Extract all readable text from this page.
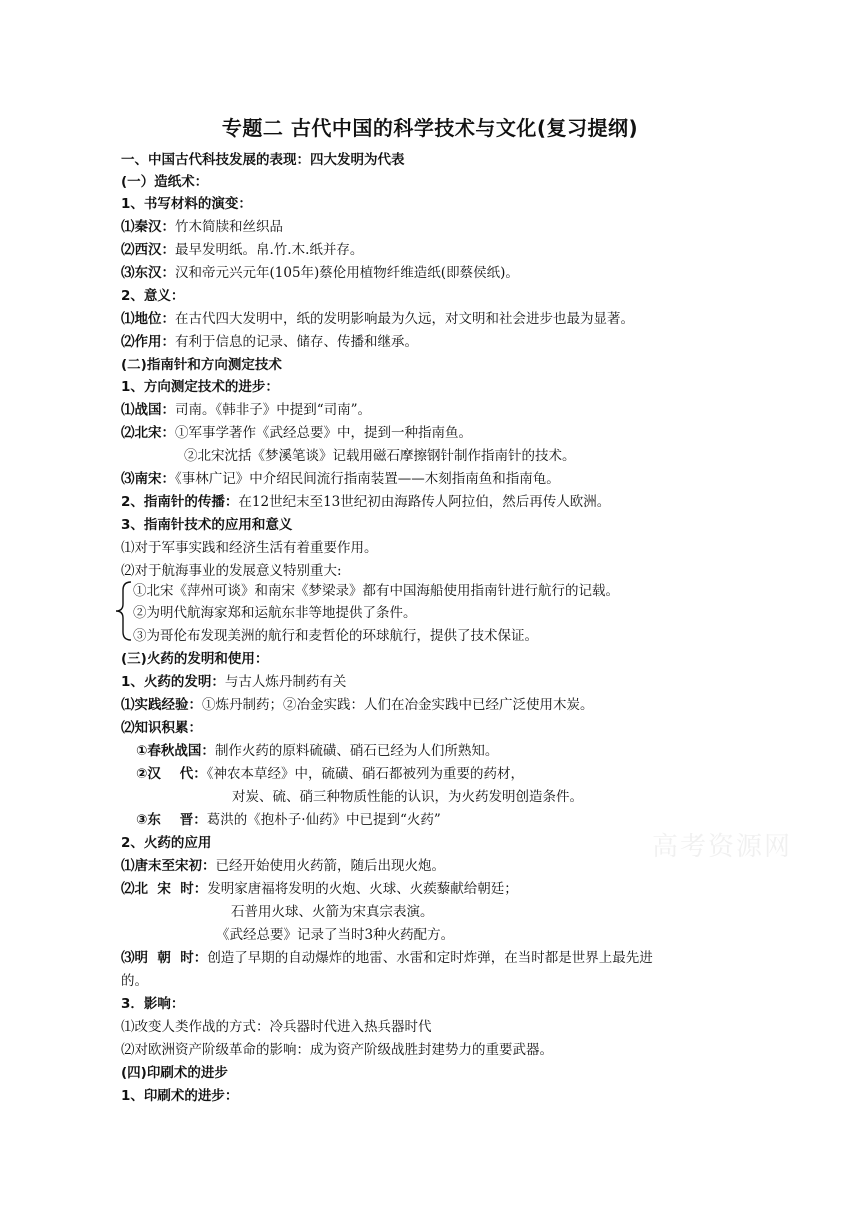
专题二 古代中国的科学技术与文化(复习提纲)
一、中国古代科技发展的表现：四大发明为代表
(一）造纸术：
1、书写材料的演变：
⑴秦汉：竹木简牍和丝织品
⑵西汉：最早发明纸。帛.竹.木.纸并存。
⑶东汉：汉和帝元兴元年(105年)蔡伦用植物纤维造纸(即蔡侯纸)。
2、意义：
⑴地位：在古代四大发明中，纸的发明影响最为久远，对文明和社会进步也最为显著。
⑵作用：有利于信息的记录、储存、传播和继承。
(二)指南针和方向测定技术
1、方向测定技术的进步：
⑴战国：司南。《韩非子》中提到“司南”。
⑵北宋：①军事学著作《武经总要》中，提到一种指南鱼。
②北宋沈括《梦溪笔谈》记载用磁石摩擦钢针制作指南针的技术。
⑶南宋：《事林广记》中介绍民间流行指南装置——木刻指南鱼和指南龟。
2、指南针的传播：在12世纪末至13世纪初由海路传人阿拉伯，然后再传人欧洲。
3、指南针技术的应用和意义
⑴对于军事实践和经济生活有着重要作用。
⑵对于航海事业的发展意义特别重大:
①北宋《萍州可谈》和南宋《梦梁录》都有中国海船使用指南针进行航行的记载。
②为明代航海家郑和运航东非等地提供了条件。
③为哥伦布发现美洲的航行和麦哲伦的环球航行，提供了技术保证。
(三)火药的发明和使用：
1、火药的发明：与古人炼丹制药有关
⑴实践经验：①炼丹制药；②冶金实践：人们在冶金实践中已经广泛使用木炭。
⑵知识积累：
①春秋战国：制作火药的原料硫磺、硝石已经为人们所熟知。
②汉    代：《神农本草经》中，硫磺、硝石都被列为重要的药材，
对炭、硫、硝三种物质性能的认识，为火药发明创造条件。
③东    晋：葛洪的《抱朴子·仙药》中已提到“火药”
2、火药的应用
⑴唐末至宋初：已经开始使用火药箭，随后出现火炮。
⑵北  宋  时：发明家唐福将发明的火炮、火球、火蒺藜献给朝廷；
石普用火球、火箭为宋真宗表演。
《武经总要》记录了当时3种火药配方。
⑶明  朝  时：创造了早期的自动爆炸的地雷、水雷和定时炸弹，在当时都是世界上最先进
的。
3．影响：
⑴改变人类作战的方式：冷兵器时代进入热兵器时代
⑵对欧洲资产阶级革命的影响：成为资产阶级战胜封建势力的重要武器。
(四)印刷术的进步
1、印刷术的进步：
高考资源网
